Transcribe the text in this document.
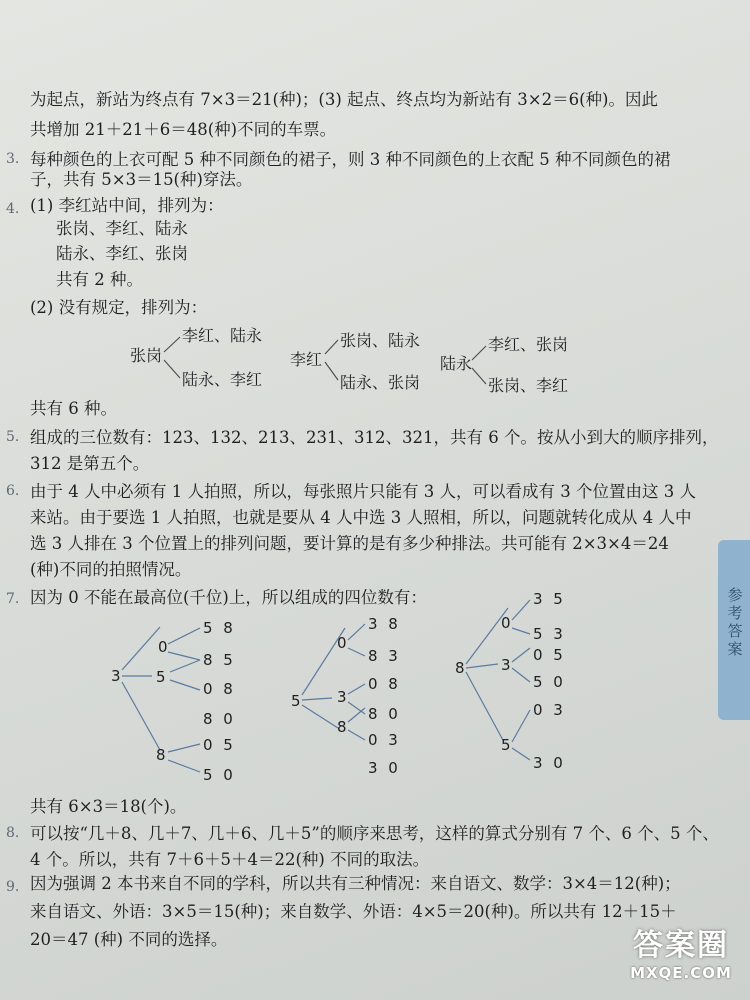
为起点，新站为终点有 7×3＝21(种)；(3) 起点、终点均为新站有 3×2＝6(种)。因此
共增加 21＋21＋6＝48(种)不同的车票。
3. 每种颜色的上衣可配 5 种不同颜色的裙子，则 3 种不同颜色的上衣配 5 种不同颜色的裙
子，共有 5×3＝15(种)穿法。
4. (1) 李红站中间，排列为：
张岗、李红、陆永
陆永、李红、张岗
共有 2 种。
(2) 没有规定，排列为：
张岗
李红、陆永
陆永、李红
李红
张岗、陆永
陆永、张岗
陆永
李红、张岗
张岗、李红
共有 6 种。
5. 组成的三位数有：123、132、213、231、312、321，共有 6 个。按从小到大的顺序排列，
312 是第五个。
6. 由于 4 人中必须有 1 人拍照，所以，每张照片只能有 3 人，可以看成有 3 个位置由这 3 人
来站。由于要选 1 人拍照，也就是要从 4 人中选 3 人照相，所以，问题就转化成从 4 人中
选 3 人排在 3 个位置上的排列问题，要计算的是有多少种排法。共可能有 2×3×4＝24
(种)不同的拍照情况。
7. 因为 0 不能在最高位(千位)上，所以组成的四位数有：
3
0
5
8
5 8
8 5
0 8
8 0
0 5
5 0
5
0
3
8
3 8
8 3
0 8
8 0
0 3
3 0
8
0
3
5
3 5
5 3
5 0
0 5
0 3
3 0
共有 6×3＝18(个)。
8. 可以按“几＋8、几＋7、几＋6、几＋5”的顺序来思考，这样的算式分别有 7 个、6 个、5 个、
4 个。所以，共有 7＋6＋5＋4＝22(种) 不同的取法。
9. 因为强调 2 本书来自不同的学科，所以共有三种情况：来自语文、数学：3×4＝12(种)；
来自语文、外语：3×5＝15(种)；来自数学、外语：4×5＝20(种)。所以共有 12＋15＋
20＝47 (种) 不同的选择。
参考答案
答案圈
MXQE.COM
